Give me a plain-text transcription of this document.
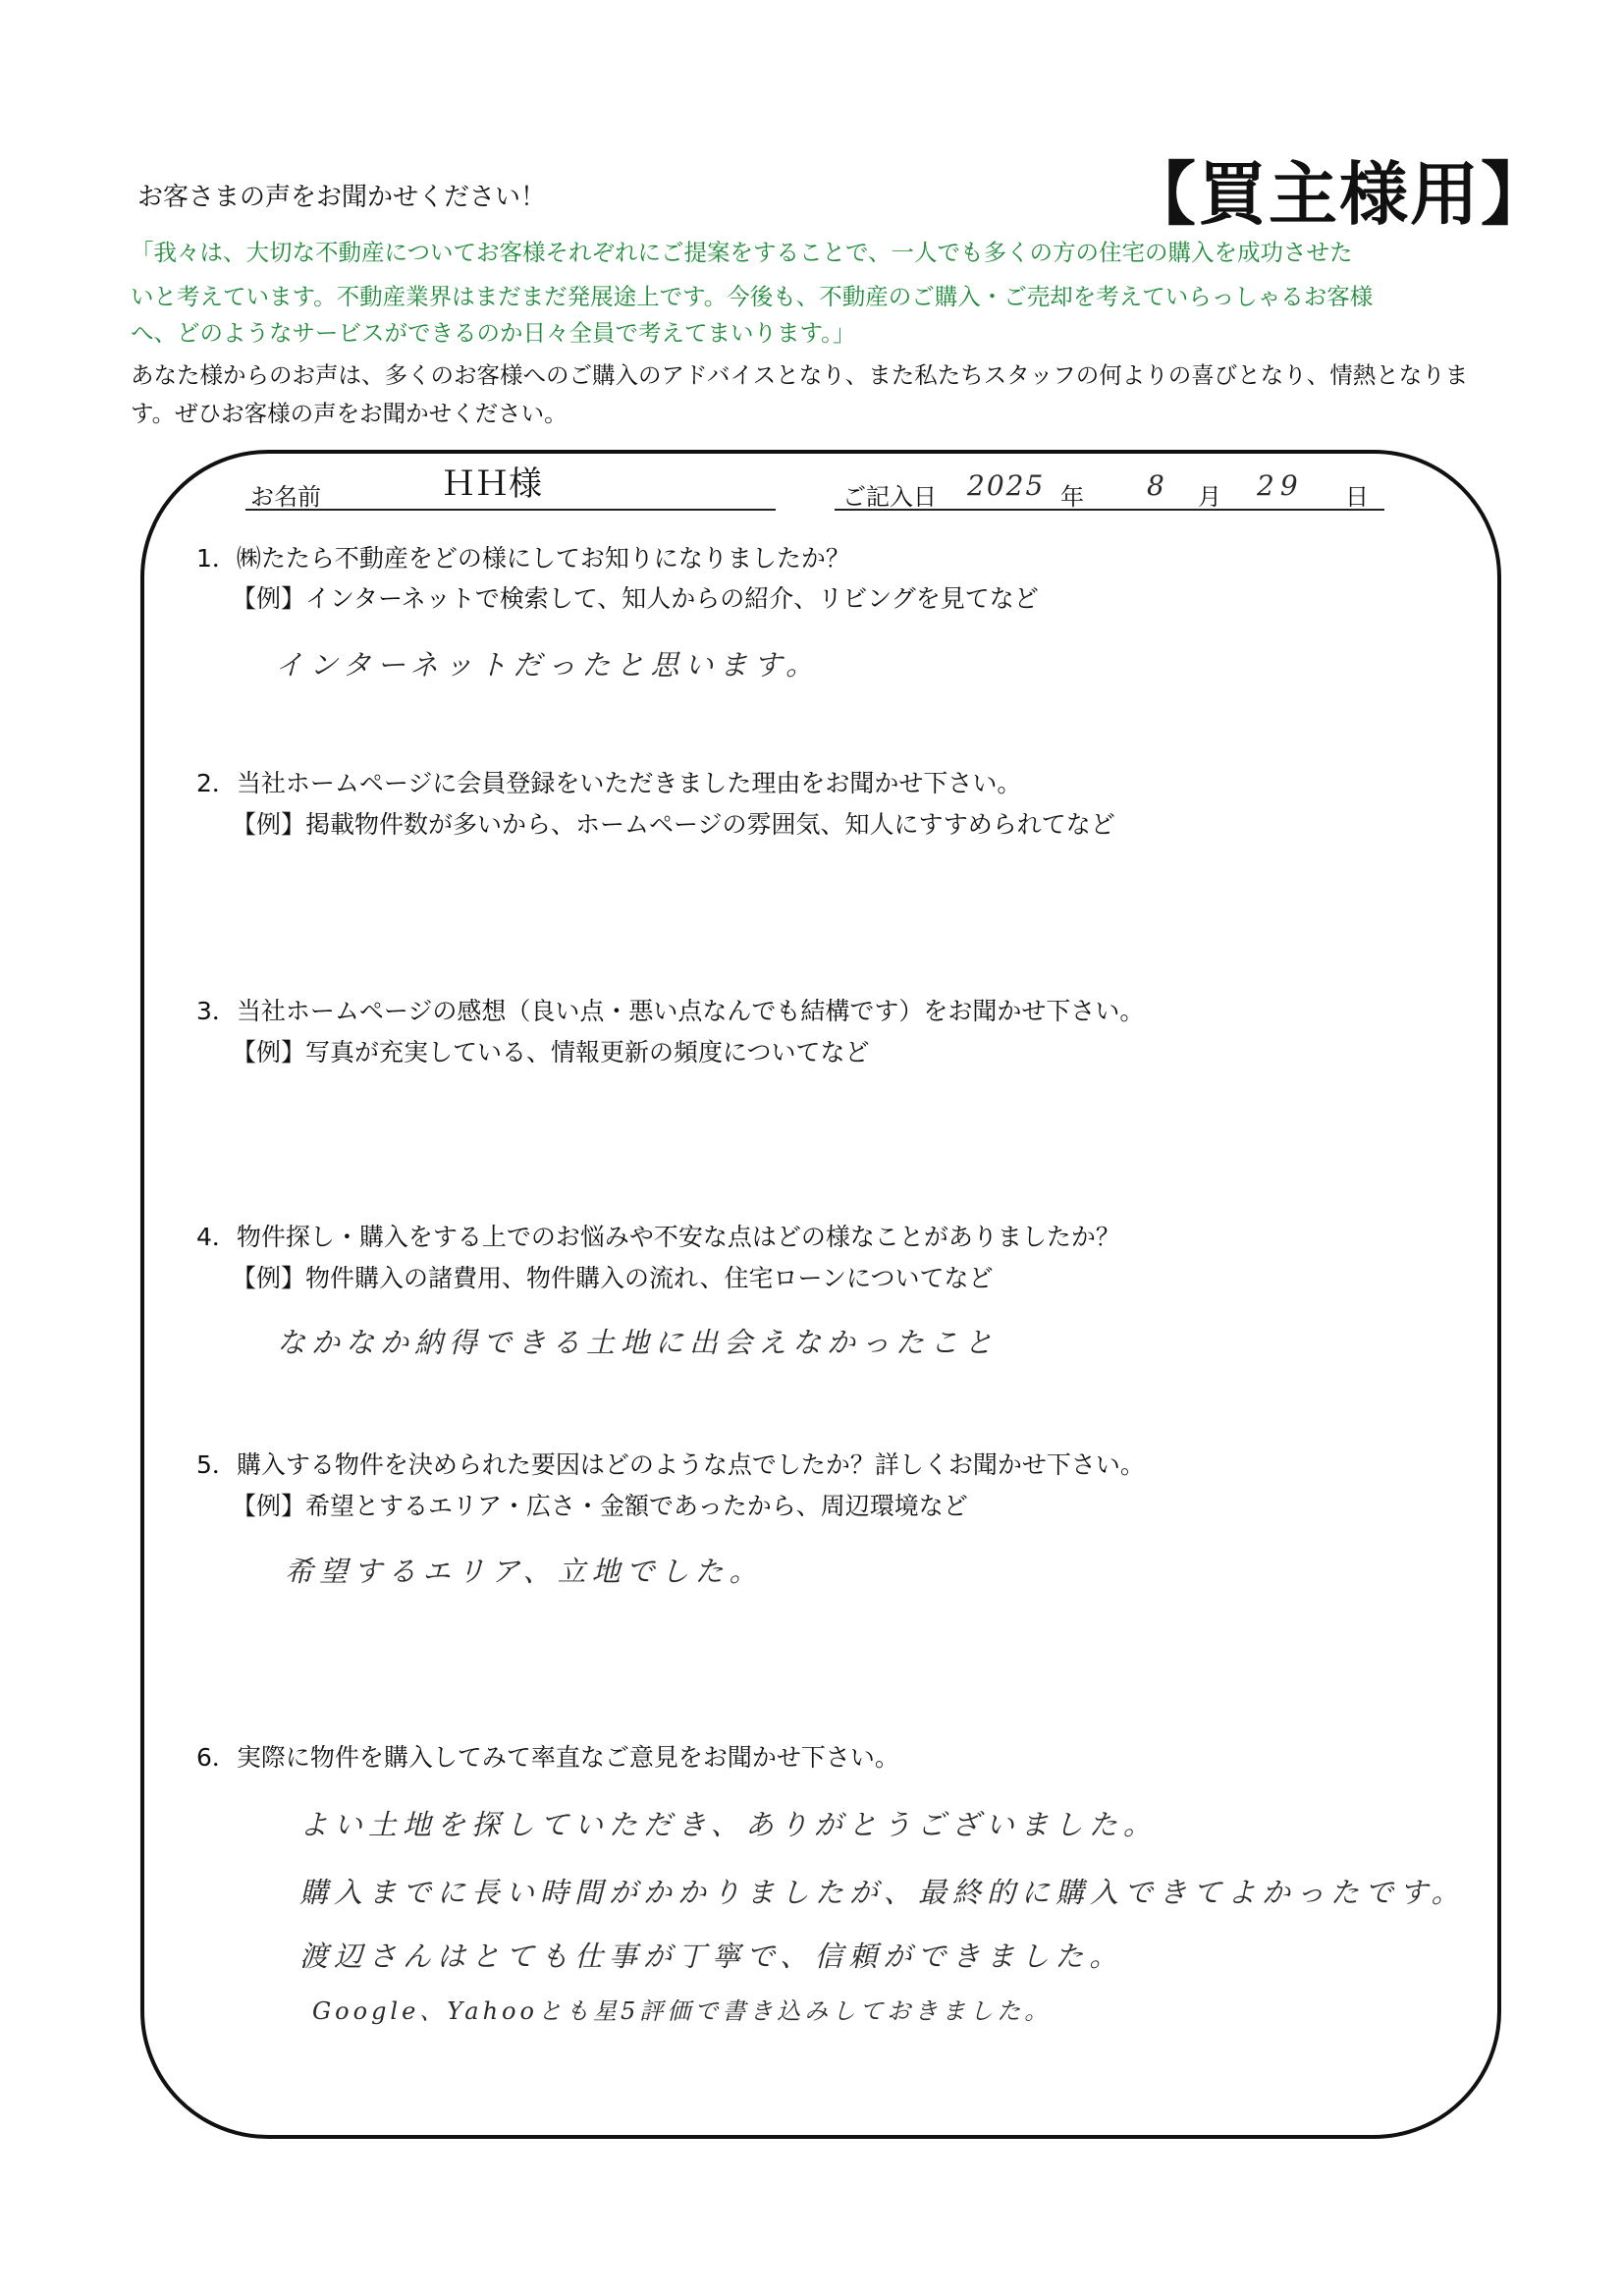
【買主様用】
お客さまの声をお聞かせください！
「我々は、大切な不動産についてお客様それぞれにご提案をすることで、一人でも多くの方の住宅の購入を成功させた
いと考えています。不動産業界はまだまだ発展途上です。今後も、不動産のご購入・ご売却を考えていらっしゃるお客様
へ、どのようなサービスができるのか日々全員で考えてまいります。」
あなた様からのお声は、多くのお客様へのご購入のアドバイスとなり、また私たちスタッフの何よりの喜びとなり、情熱となりま
す。ぜひお客様の声をお聞かせください。
お名前	ＨＨ様	ご記入日 2025 年 8 月 29 日
1．㈱たたら不動産をどの様にしてお知りになりましたか？
【例】インターネットで検索して、知人からの紹介、リビングを見てなど
インターネットだったと思います。
2．当社ホームページに会員登録をいただきました理由をお聞かせ下さい。
【例】掲載物件数が多いから、ホームページの雰囲気、知人にすすめられてなど
3．当社ホームページの感想（良い点・悪い点なんでも結構です）をお聞かせ下さい。
【例】写真が充実している、情報更新の頻度についてなど
4．物件探し・購入をする上でのお悩みや不安な点はどの様なことがありましたか？
【例】物件購入の諸費用、物件購入の流れ、住宅ローンについてなど
なかなか納得できる土地に出会えなかったこと
5．購入する物件を決められた要因はどのような点でしたか？詳しくお聞かせ下さい。
【例】希望とするエリア・広さ・金額であったから、周辺環境など
希望するエリア、立地でした。
6．実際に物件を購入してみて率直なご意見をお聞かせ下さい。
よい土地を探していただき、ありがとうございました。
購入までに長い時間がかかりましたが、最終的に購入できてよかったです。
渡辺さんはとても仕事が丁寧で、信頼ができました。
Google、Yahooとも星5評価で書き込みしておきました。
